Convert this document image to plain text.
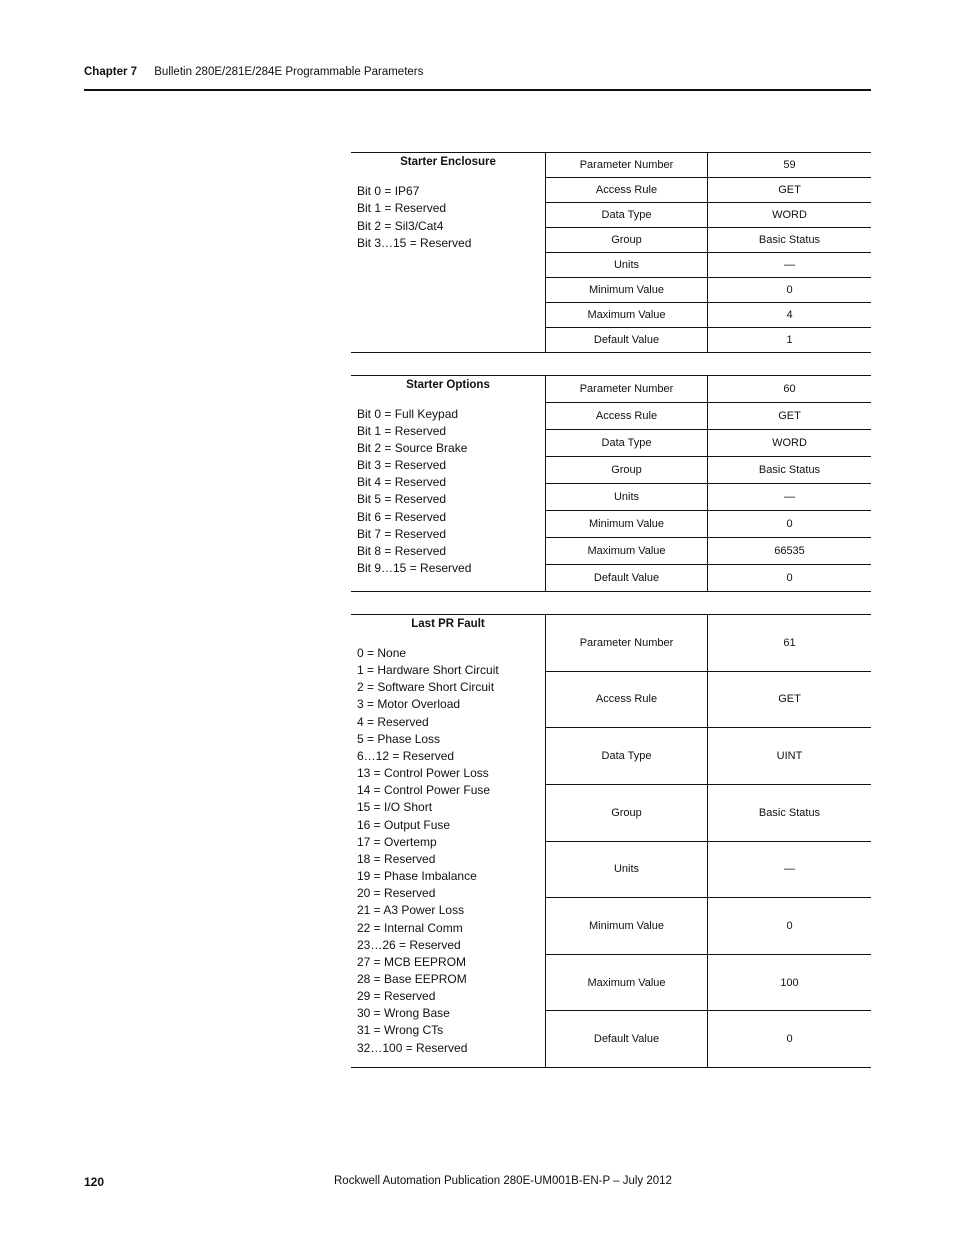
Chapter 7 Bulletin 280E/281E/284E Programmable Parameters
Starter Enclosure
Bit 0 = IP67
Bit 1 = Reserved
Bit 2 = Sil3/Cat4
Bit 3…15 = Reserved
Parameter Number	59
Access Rule	GET
Data Type	WORD
Group	Basic Status
Units	—
Minimum Value	0
Maximum Value	4
Default Value	1
Starter Options
Bit 0 = Full Keypad
Bit 1 = Reserved
Bit 2 = Source Brake
Bit 3 = Reserved
Bit 4 = Reserved
Bit 5 = Reserved
Bit 6 = Reserved
Bit 7 = Reserved
Bit 8 = Reserved
Bit 9…15 = Reserved
Parameter Number	60
Access Rule	GET
Data Type	WORD
Group	Basic Status
Units	—
Minimum Value	0
Maximum Value	66535
Default Value	0
Last PR Fault
0 = None
1 = Hardware Short Circuit
2 = Software Short Circuit
3 = Motor Overload
4 = Reserved
5 = Phase Loss
6…12 = Reserved
13 = Control Power Loss
14 = Control Power Fuse
15 = I/O Short
16 = Output Fuse
17 = Overtemp
18 = Reserved
19 = Phase Imbalance
20 = Reserved
21 = A3 Power Loss
22 = Internal Comm
23…26 = Reserved
27 = MCB EEPROM
28 = Base EEPROM
29 = Reserved
30 = Wrong Base
31 = Wrong CTs
32…100 = Reserved
Parameter Number	61
Access Rule	GET
Data Type	UINT
Group	Basic Status
Units	—
Minimum Value	0
Maximum Value	100
Default Value	0
120	Rockwell Automation Publication 280E-UM001B-EN-P – July 2012
